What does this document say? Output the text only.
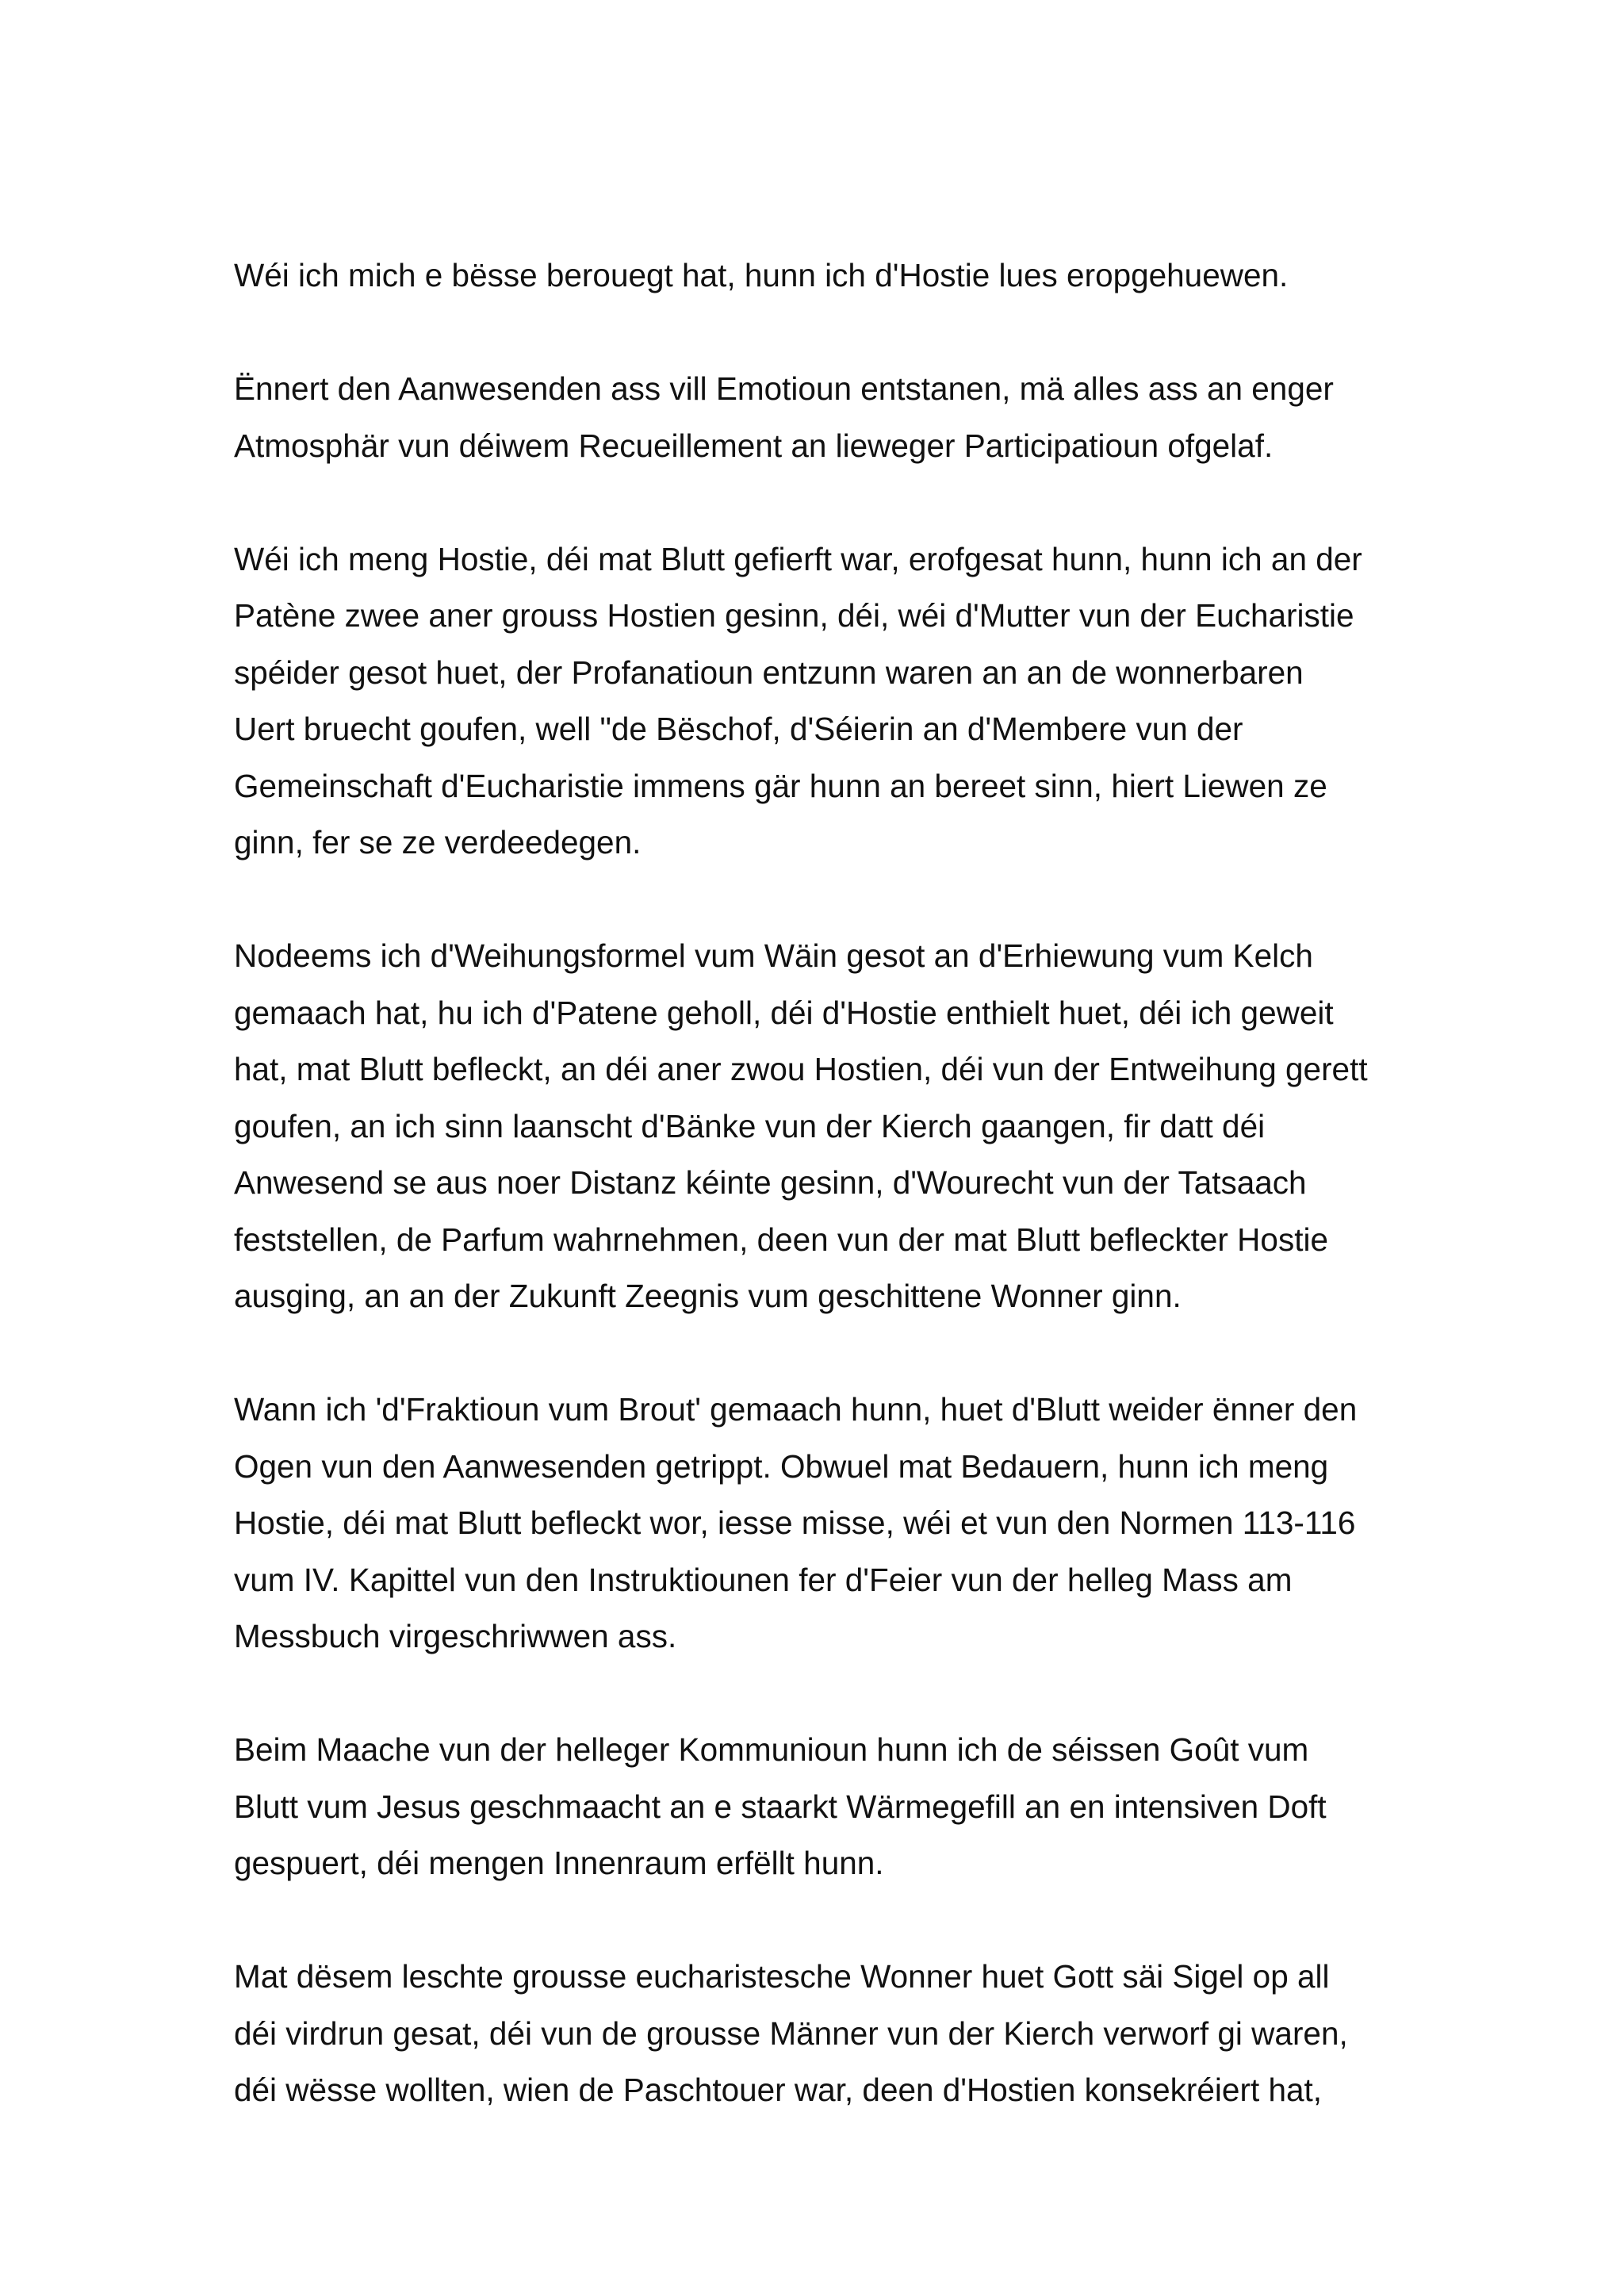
Wéi ich mich e bësse berouegt hat, hunn ich d'Hostie lues eropgehuewen.
Ënnert den Aanwesenden ass vill Emotioun entstanen, mä alles ass an enger
Atmosphär vun déiwem Recueillement an lieweger Participatioun ofgelaf.
Wéi ich meng Hostie, déi mat Blutt gefierft war, erofgesat hunn, hunn ich an der
Patène zwee aner grouss Hostien gesinn, déi, wéi d'Mutter vun der Eucharistie
spéider gesot huet, der Profanatioun entzunn waren an an de wonnerbaren
Uert bruecht goufen, well "de Bëschof, d'Séierin an d'Membere vun der
Gemeinschaft d'Eucharistie immens gär hunn an bereet sinn, hiert Liewen ze
ginn, fer se ze verdeedegen.
Nodeems ich d'Weihungsformel vum Wäin gesot an d'Erhiewung vum Kelch
gemaach hat, hu ich d'Patene geholl, déi d'Hostie enthielt huet, déi ich geweit
hat, mat Blutt befleckt, an déi aner zwou Hostien, déi vun der Entweihung gerett
goufen, an ich sinn laanscht d'Bänke vun der Kierch gaangen, fir datt déi
Anwesend se aus noer Distanz kéinte gesinn, d'Wourecht vun der Tatsaach
feststellen, de Parfum wahrnehmen, deen vun der mat Blutt befleckter Hostie
ausging, an an der Zukunft Zeegnis vum geschittene Wonner ginn.
Wann ich 'd'Fraktioun vum Brout' gemaach hunn, huet d'Blutt weider ënner den
Ogen vun den Aanwesenden getrippt. Obwuel mat Bedauern, hunn ich meng
Hostie, déi mat Blutt befleckt wor, iesse misse, wéi et vun den Normen 113-116
vum IV. Kapittel vun den Instruktiounen fer d'Feier vun der helleg Mass am
Messbuch virgeschriwwen ass.
Beim Maache vun der helleger Kommunioun hunn ich de séissen Goût vum
Blutt vum Jesus geschmaacht an e staarkt Wärmegefill an en intensiven Doft
gespuert, déi mengen Innenraum erfëllt hunn.
Mat dësem leschte grousse eucharistesche Wonner huet Gott säi Sigel op all
déi virdrun gesat, déi vun de grousse Männer vun der Kierch verworf gi waren,
déi wësse wollten, wien de Paschtouer war, deen d'Hostien konsekréiert hat,
